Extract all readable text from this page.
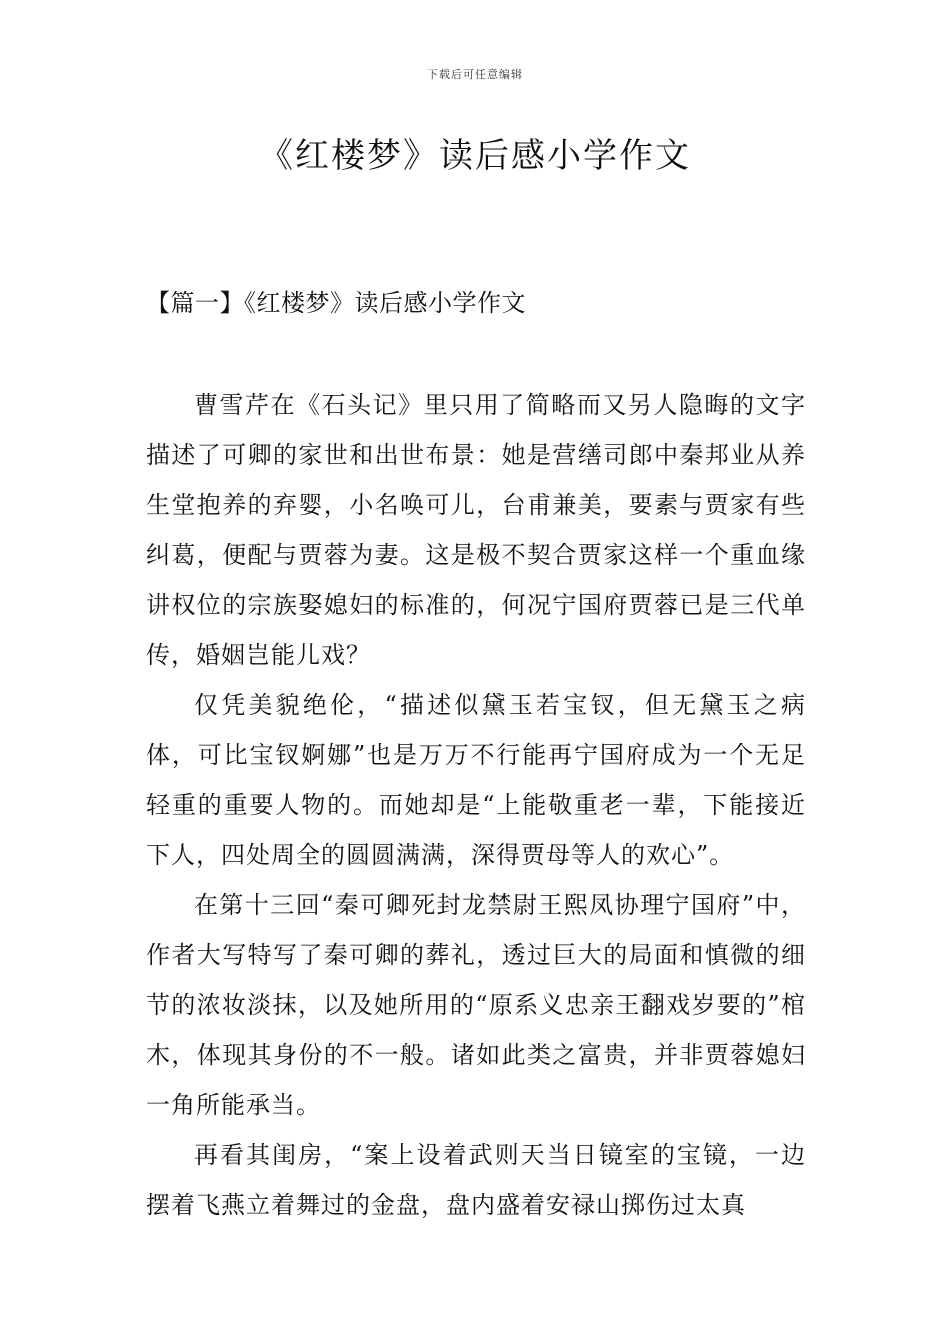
下载后可任意编辑
《红楼梦》读后感小学作文
【篇一】《红楼梦》读后感小学作文

曹雪芹在《石头记》里只用了简略而又另人隐晦的文字描述了可卿的家世和出世布景：她是营缮司郎中秦邦业从养生堂抱养的弃婴，小名唤可儿，台甫兼美，要素与贾家有些纠葛，便配与贾蓉为妻。这是极不契合贾家这样一个重血缘讲权位的宗族娶媳妇的标准的，何况宁国府贾蓉已是三代单传，婚姻岂能儿戏？

仅凭美貌绝伦，“描述似黛玉若宝钗，但无黛玉之病体，可比宝钗婀娜”也是万万不行能再宁国府成为一个无足轻重的重要人物的。而她却是“上能敬重老一辈，下能接近下人，四处周全的圆圆满满，深得贾母等人的欢心”。

在第十三回“秦可卿死封龙禁尉王熙凤协理宁国府”中，作者大写特写了秦可卿的葬礼，透过巨大的局面和慎微的细节的浓妆淡抹，以及她所用的“原系义忠亲王翻戏岁要的”棺木，体现其身份的不一般。诸如此类之富贵，并非贾蓉媳妇一角所能承当。

再看其闺房，“案上设着武则天当日镜室的宝镜，一边摆着飞燕立着舞过的金盘，盘内盛着安禄山掷伤过太真
